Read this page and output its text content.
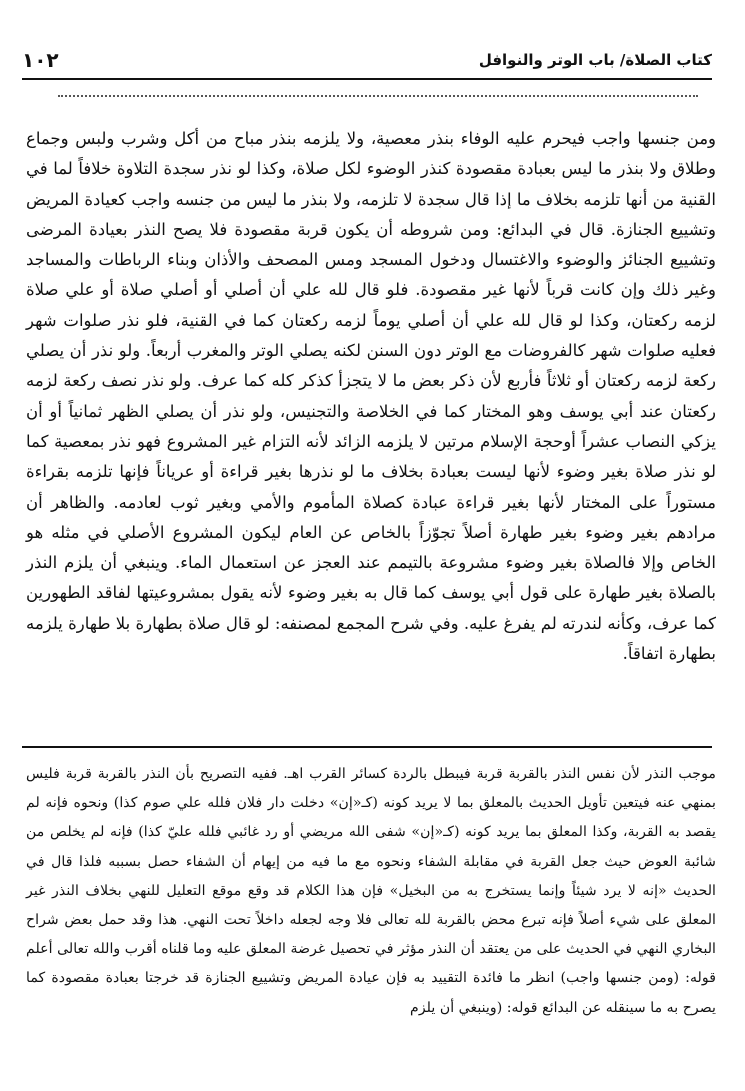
١٠٢	كتاب الصلاة/ باب الوتر والنوافل

ومن جنسها واجب فيحرم عليه الوفاء بنذر معصية، ولا يلزمه بنذر مباح من أكل وشرب ولبس وجماع وطلاق ولا بنذر ما ليس بعبادة مقصودة كنذر الوضوء لكل صلاة، وكذا لو نذر سجدة التلاوة خلافاً لما في القنية من أنها تلزمه بخلاف ما إذا قال سجدة لا تلزمه، ولا بنذر ما ليس من جنسه واجب كعيادة المريض وتشييع الجنازة. قال في البدائع: ومن شروطه أن يكون قربة مقصودة فلا يصح النذر بعيادة المرضى وتشييع الجنائز والوضوء والاغتسال ودخول المسجد ومس المصحف والأذان وبناء الرباطات والمساجد وغير ذلك وإن كانت قرباً لأنها غير مقصودة. فلو قال لله علي أن أصلي أو أصلي صلاة أو علي صلاة لزمه ركعتان، وكذا لو قال لله علي أن أصلي يوماً لزمه ركعتان كما في القنية، فلو نذر صلوات شهر فعليه صلوات شهر كالفروضات مع الوتر دون السنن لكنه يصلي الوتر والمغرب أربعاً. ولو نذر أن يصلي ركعة لزمه ركعتان أو ثلاثاً فأربع لأن ذكر بعض ما لا يتجزأ كذكر كله كما عرف. ولو نذر نصف ركعة لزمه ركعتان عند أبي يوسف وهو المختار كما في الخلاصة والتجنيس، ولو نذر أن يصلي الظهر ثمانياً أو أن يزكي النصاب عشراً أوحجة الإسلام مرتين لا يلزمه الزائد لأنه التزام غير المشروع فهو نذر بمعصية كما لو نذر صلاة بغير وضوء لأنها ليست بعبادة بخلاف ما لو نذرها بغير قراءة أو عرياناً فإنها تلزمه بقراءة مستوراً على المختار لأنها بغير قراءة عبادة كصلاة المأموم والأمي وبغير ثوب لعادمه. والظاهر أن مرادهم بغير وضوء بغير طهارة أصلاً تجوّزاً بالخاص عن العام ليكون المشروع الأصلي في مثله هو الخاص وإلا فالصلاة بغير وضوء مشروعة بالتيمم عند العجز عن استعمال الماء. وينبغي أن يلزم النذر بالصلاة بغير طهارة على قول أبي يوسف كما قال به بغير وضوء لأنه يقول بمشروعيتها لفاقد الطهورين كما عرف، وكأنه لندرته لم يفرغ عليه. وفي شرح المجمع لمصنفه: لو قال صلاة بطهارة بلا طهارة يلزمه بطهارة اتفاقاً.

موجب النذر لأن نفس النذر بالقربة قربة فيبطل بالردة كسائر القرب اهـ. ففيه التصريح بأن النذر بالقربة قربة فليس بمنهي عنه فيتعين تأويل الحديث بالمعلق بما لا يريد كونه (كـ«إن» دخلت دار فلان فلله علي صوم كذا) ونحوه فإنه لم يقصد به القربة، وكذا المعلق بما يريد كونه (كـ«إن» شفى الله مريضي أو رد غائبي فلله عليّ كذا) فإنه لم يخلص من شائبة العوض حيث جعل القربة في مقابلة الشفاء ونحوه مع ما فيه من إيهام أن الشفاء حصل بسببه فلذا قال في الحديث «إنه لا يرد شيئاً وإنما يستخرج به من البخيل» فإن هذا الكلام قد وقع موقع التعليل للنهي بخلاف النذر غير المعلق على شيء أصلاً فإنه تبرع محض بالقربة لله تعالى فلا وجه لجعله داخلاً تحت النهي. هذا وقد حمل بعض شراح البخاري النهي في الحديث على من يعتقد أن النذر مؤثر في تحصيل غرضة المعلق عليه وما قلناه أقرب والله تعالى أعلم قوله: (ومن جنسها واجب) انظر ما فائدة التقييد به فإن عيادة المريض وتشييع الجنازة قد خرجتا بعبادة مقصودة كما يصرح به ما سينقله عن البدائع قوله: (وينبغي أن يلزم
